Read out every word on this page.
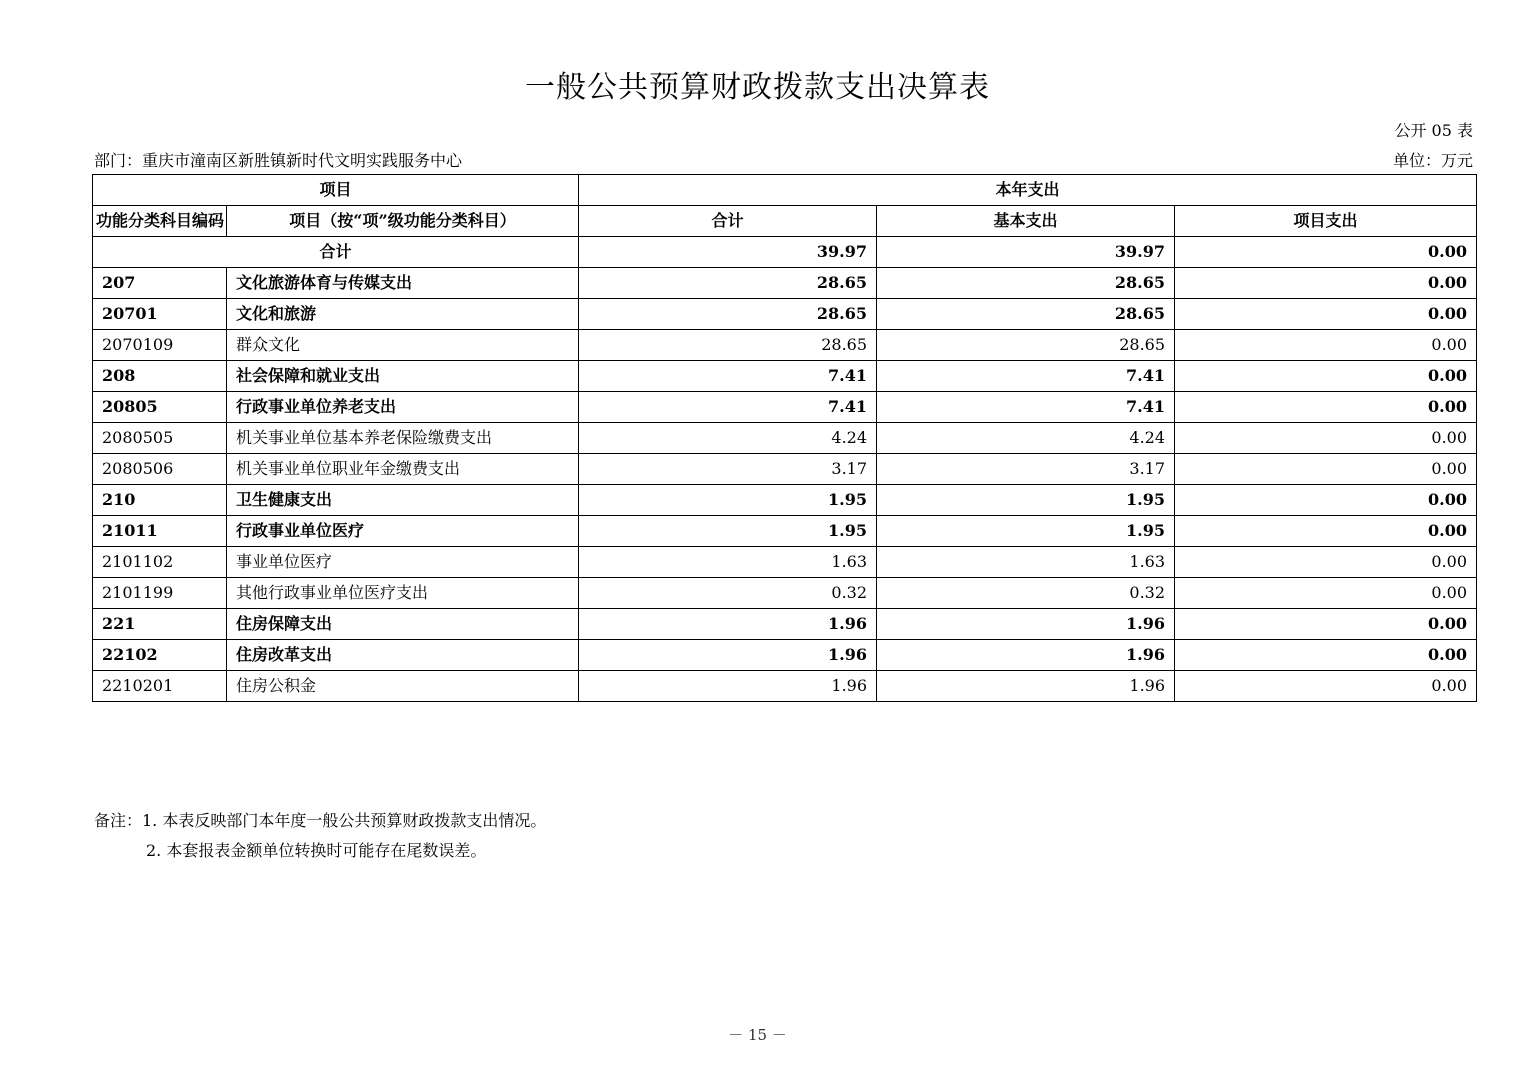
一般公共预算财政拨款支出决算表
公开 05 表
部门：重庆市潼南区新胜镇新时代文明实践服务中心	单位：万元
项目		本年支出		
功能分类科目编码	项目（按“项”级功能分类科目）	合计	基本支出	项目支出
合计		39.97	39.97	0.00
207	文化旅游体育与传媒支出	28.65	28.65	0.00
20701	文化和旅游	28.65	28.65	0.00
2070109	群众文化	28.65	28.65	0.00
208	社会保障和就业支出	7.41	7.41	0.00
20805	行政事业单位养老支出	7.41	7.41	0.00
2080505	机关事业单位基本养老保险缴费支出	4.24	4.24	0.00
2080506	机关事业单位职业年金缴费支出	3.17	3.17	0.00
210	卫生健康支出	1.95	1.95	0.00
21011	行政事业单位医疗	1.95	1.95	0.00
2101102	事业单位医疗	1.63	1.63	0.00
2101199	其他行政事业单位医疗支出	0.32	0.32	0.00
221	住房保障支出	1.96	1.96	0.00
22102	住房改革支出	1.96	1.96	0.00
2210201	住房公积金	1.96	1.96	0.00
备注：1. 本表反映部门本年度一般公共预算财政拨款支出情况。
2. 本套报表金额单位转换时可能存在尾数误差。
－ 15 －
